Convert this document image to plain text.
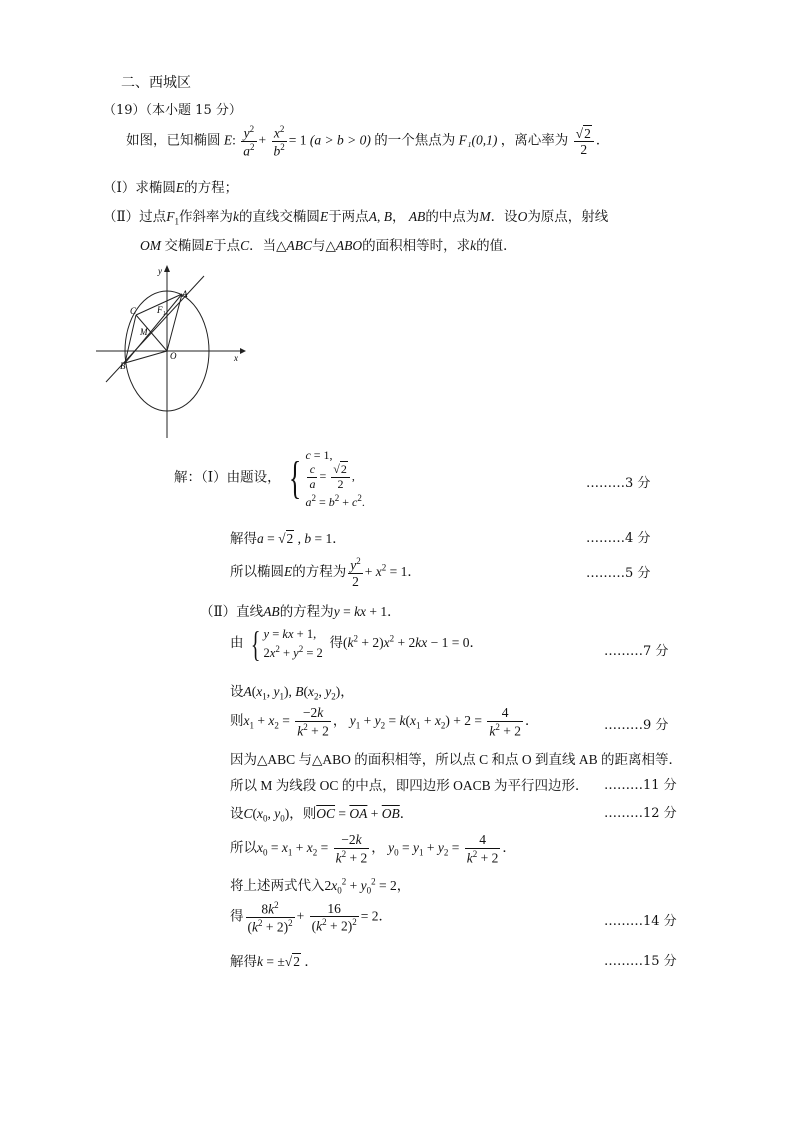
二、西城区
（19）（本小题 15 分）
如图，已知椭圆 E: $\frac{y^2}{a^2} + \frac{x^2}{b^2} = 1$ (a > b > 0) 的一个焦点为 F₁(0,1) ，离心率为 $\frac{√2}{2}$ ．
（Ⅰ）求椭圆E的方程；
（Ⅱ）过点$F_1$作斜率为k的直线交椭圆E于两点A, B， AB的中点为M．设O为原点，射线
OM 交椭圆E于点C．当△ABC与△ABO的面积相等时，求k的值．
y
x
A
B
C
M
O
F₁
解：（Ⅰ）由题设， { c = 1,
$\frac{c}{a} = \frac{√2}{2}$ ,
$a^2 = b^2 + c^2$.
………3 分
解得a = √2 , b = 1．	………4 分
所以椭圆E的方程为 $\frac{y^2}{2} + x^2 = 1$．	………5 分
（Ⅱ）直线AB的方程为y = kx + 1．
由 { y = kx + 1,
$2x^2 + y^2 = 2$
得$(k^2 + 2)x^2 + 2kx - 1 = 0$．
………7 分
设$A(x_1$, $y_1$), $B(x_2$, $y_2$)，
则$x_1 + x_2 = \frac{-2k}{k^2 + 2}$ ， $y_1 + y_2 = k(x_1 + x_2) + 2 = \frac{4}{k^2 + 2}$ ．	………9 分
因为△ABC 与△ABO 的面积相等，所以点 C 和点 O 到直线 AB 的距离相等．
所以 M 为线段 OC 的中点，即四边形 OACB 为平行四边形． ………11 分
设$C(x_0$, $y_0$)，则$\overline{OC} = \overline{OA} + \overline{OB}$．	………12 分
所以$x_0 = x_1 + x_2 = \frac{-2k}{k^2 + 2}$ ， $y_0 = y_1 + y_2 = \frac{4}{k^2 + 2}$ ．
将上述两式代入$2x_0^2 + y_0^2 = 2$，
得 $\frac{8k^2}{(k^2 + 2)^2} + \frac{16}{(k^2 + 2)^2} = 2$．	………14 分
解得k = ±√2 ．	………15 分
